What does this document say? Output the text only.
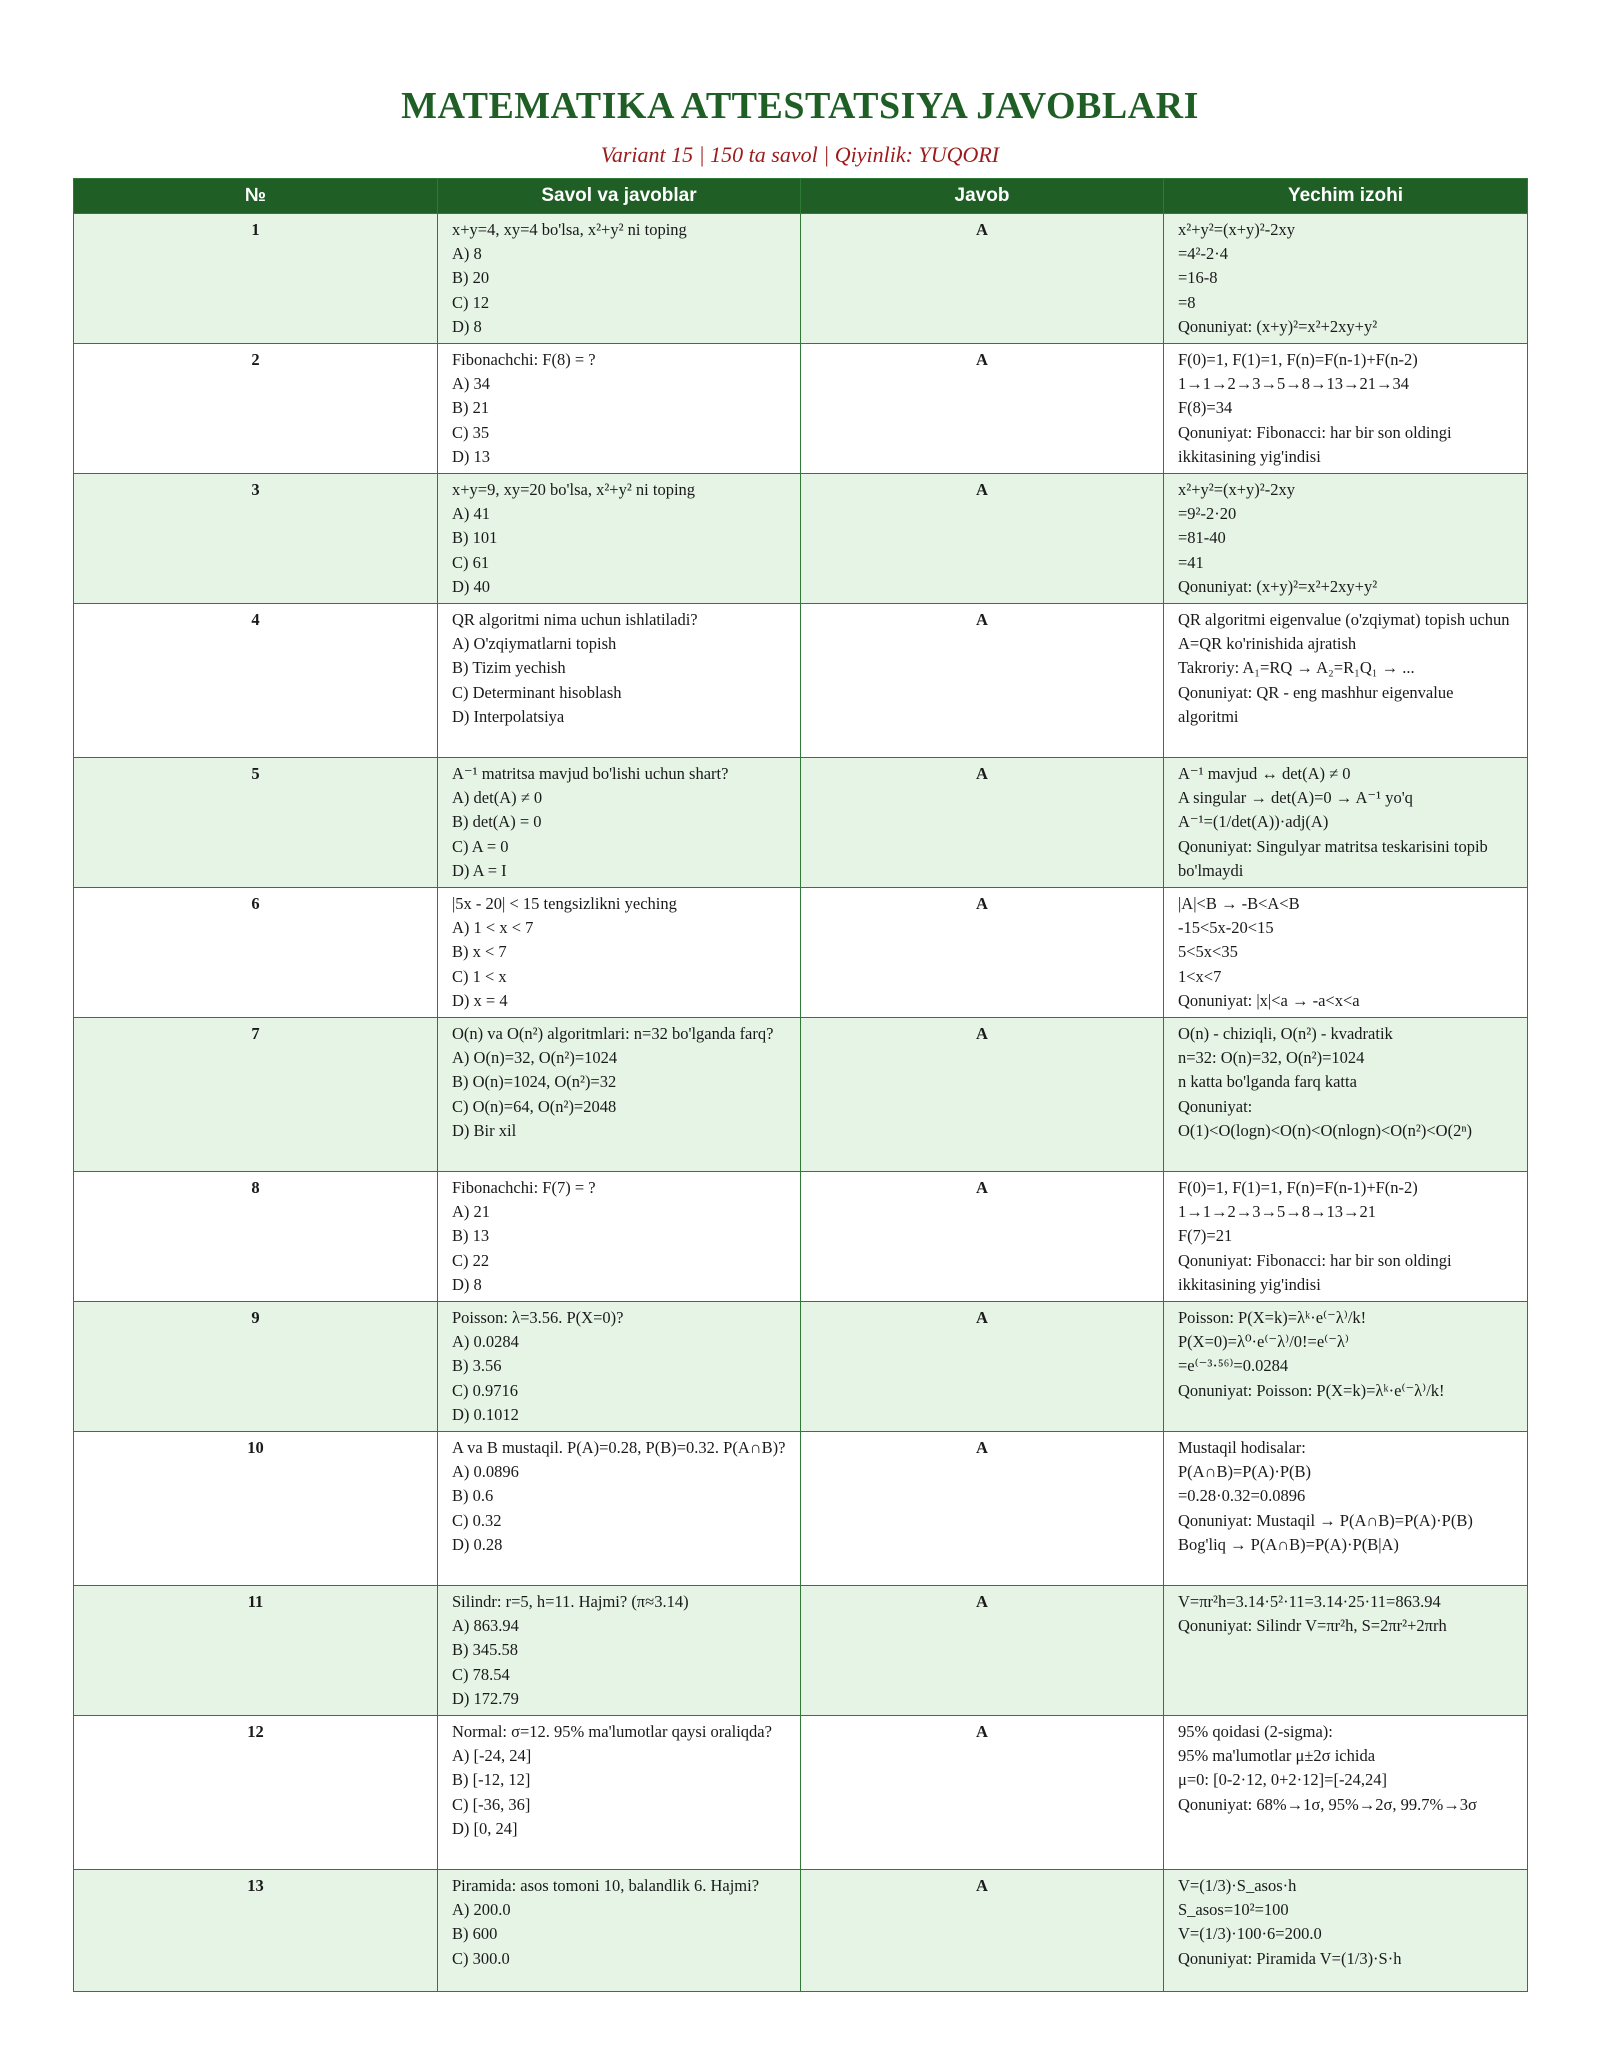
MATEMATIKA ATTESTATSIYA JAVOBLARI
Variant 15 | 150 ta savol | Qiyinlik: YUQORI
№	Savol va javoblar	Javob	Yechim izohi
1	x+y=4, xy=4 bo'lsa, x²+y² ni toping
A) 8
B) 20
C) 12
D) 8	A	x²+y²=(x+y)²-2xy
=4²-2·4
=16-8
=8
Qonuniyat: (x+y)²=x²+2xy+y²

2	Fibonachchi: F(8) = ?
A) 34
B) 21
C) 35
D) 13	A	F(0)=1, F(1)=1, F(n)=F(n-1)+F(n-2)
1→1→2→3→5→8→13→21→34
F(8)=34
Qonuniyat: Fibonacci: har bir son oldingi ikkitasining yig'indisi

3	x+y=9, xy=20 bo'lsa, x²+y² ni toping
A) 41
B) 101
C) 61
D) 40	A	x²+y²=(x+y)²-2xy
=9²-2·20
=81-40
=41
Qonuniyat: (x+y)²=x²+2xy+y²

4	QR algoritmi nima uchun ishlatiladi?
A) O'zqiymatlarni topish
B) Tizim yechish
C) Determinant hisoblash
D) Interpolatsiya	A	QR algoritmi eigenvalue (o'zqiymat) topish uchun
A=QR ko'rinishida ajratish
Takroriy: A₁=RQ → A₂=R₁Q₁ → ...
Qonuniyat: QR - eng mashhur eigenvalue algoritmi

5	A⁻¹ matritsa mavjud bo'lishi uchun shart?
A) det(A) ≠ 0
B) det(A) = 0
C) A = 0
D) A = I	A	A⁻¹ mavjud ↔ det(A) ≠ 0
A singular → det(A)=0 → A⁻¹ yo'q
A⁻¹=(1/det(A))·adj(A)
Qonuniyat: Singulyar matritsa teskarisini topib bo'lmaydi

6	|5x - 20| < 15 tengsizlikni yeching
A) 1 < x < 7
B) x < 7
C) 1 < x
D) x = 4	A	|A|<B → -B<A<B
-15<5x-20<15
5<5x<35
1<x<7
Qonuniyat: |x|<a → -a<x<a

7	O(n) va O(n²) algoritmlari: n=32 bo'lganda farq?
A) O(n)=32, O(n²)=1024
B) O(n)=1024, O(n²)=32
C) O(n)=64, O(n²)=2048
D) Bir xil	A	O(n) - chiziqli, O(n²) - kvadratik
n=32: O(n)=32, O(n²)=1024
n katta bo'lganda farq katta
Qonuniyat:
O(1)<O(logn)<O(n)<O(nlogn)<O(n²)<O(2ⁿ)

8	Fibonachchi: F(7) = ?
A) 21
B) 13
C) 22
D) 8	A	F(0)=1, F(1)=1, F(n)=F(n-1)+F(n-2)
1→1→2→3→5→8→13→21
F(7)=21
Qonuniyat: Fibonacci: har bir son oldingi ikkitasining yig'indisi

9	Poisson: λ=3.56. P(X=0)?
A) 0.0284
B) 3.56
C) 0.9716
D) 0.1012	A	Poisson: P(X=k)=λᵏ·e⁽⁻λ⁾/k!
P(X=0)=λ⁰·e⁽⁻λ⁾/0!=e⁽⁻λ⁾
=e⁽⁻³·⁵⁶⁾=0.0284
Qonuniyat: Poisson: P(X=k)=λᵏ·e⁽⁻λ⁾/k!

10	A va B mustaqil. P(A)=0.28, P(B)=0.32. P(A∩B)?
A) 0.0896
B) 0.6
C) 0.32
D) 0.28	A	Mustaqil hodisalar:
P(A∩B)=P(A)·P(B)
=0.28·0.32=0.0896
Qonuniyat: Mustaqil → P(A∩B)=P(A)·P(B)
Bog'liq → P(A∩B)=P(A)·P(B|A)

11	Silindr: r=5, h=11. Hajmi? (π≈3.14)
A) 863.94
B) 345.58
C) 78.54
D) 172.79	A	V=πr²h=3.14·5²·11=3.14·25·11=863.94
Qonuniyat: Silindr V=πr²h, S=2πr²+2πrh

12	Normal: σ=12. 95% ma'lumotlar qaysi oraliqda?
A) [-24, 24]
B) [-12, 12]
C) [-36, 36]
D) [0, 24]	A	95% qoidasi (2-sigma):
95% ma'lumotlar μ±2σ ichida
μ=0: [0-2·12, 0+2·12]=[-24,24]
Qonuniyat: 68%→1σ, 95%→2σ, 99.7%→3σ

13	Piramida: asos tomoni 10, balandlik 6. Hajmi?
A) 200.0
B) 600
C) 300.0	A	V=(1/3)·S_asos·h
S_asos=10²=100
V=(1/3)·100·6=200.0
Qonuniyat: Piramida V=(1/3)·S·h
